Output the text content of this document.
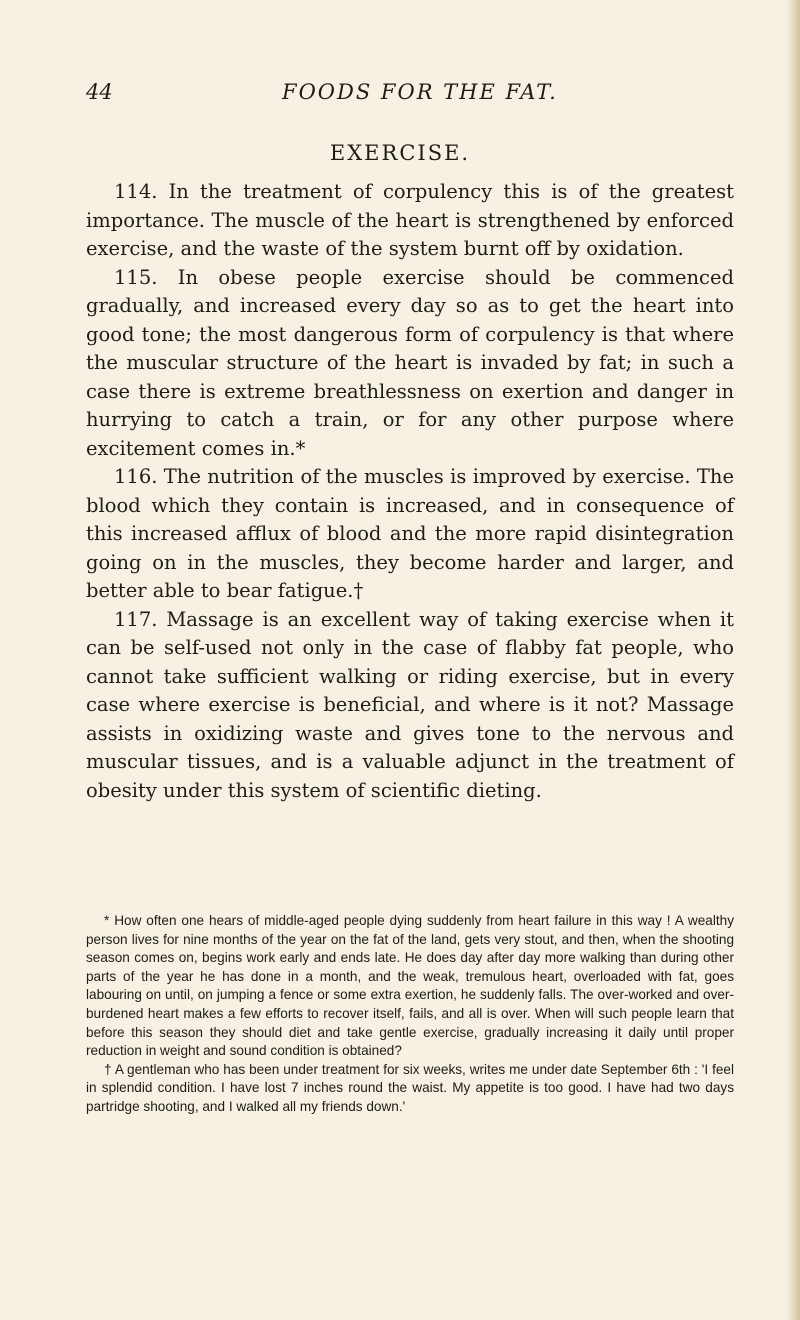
44	FOODS FOR THE FAT.
EXERCISE.

114. In the treatment of corpulency this is of the greatest importance. The muscle of the heart is strengthened by enforced exercise, and the waste of the system burnt off by oxidation.

115. In obese people exercise should be commenced gradually, and increased every day so as to get the heart into good tone; the most dangerous form of corpulency is that where the muscular structure of the heart is invaded by fat; in such a case there is extreme breathlessness on exertion and danger in hurrying to catch a train, or for any other purpose where excitement comes in.*

116. The nutrition of the muscles is improved by exercise. The blood which they contain is increased, and in consequence of this increased afflux of blood and the more rapid disintegration going on in the muscles, they become harder and larger, and better able to bear fatigue.†

117. Massage is an excellent way of taking exercise when it can be self-used not only in the case of flabby fat people, who cannot take sufficient walking or riding exercise, but in every case where exercise is beneficial, and where is it not? Massage assists in oxidizing waste and gives tone to the nervous and muscular tissues, and is a valuable adjunct in the treatment of obesity under this system of scientific dieting.

* How often one hears of middle-aged people dying suddenly from heart failure in this way ! A wealthy person lives for nine months of the year on the fat of the land, gets very stout, and then, when the shooting season comes on, begins work early and ends late. He does day after day more walking than during other parts of the year he has done in a month, and the weak, tremulous heart, overloaded with fat, goes labouring on until, on jumping a fence or some extra exertion, he suddenly falls. The over-worked and over-burdened heart makes a few efforts to recover itself, fails, and all is over. When will such people learn that before this season they should diet and take gentle exercise, gradually increasing it daily until proper reduction in weight and sound condition is obtained?

† A gentleman who has been under treatment for six weeks, writes me under date September 6th : 'I feel in splendid condition. I have lost 7 inches round the waist. My appetite is too good. I have had two days partridge shooting, and I walked all my friends down.'
